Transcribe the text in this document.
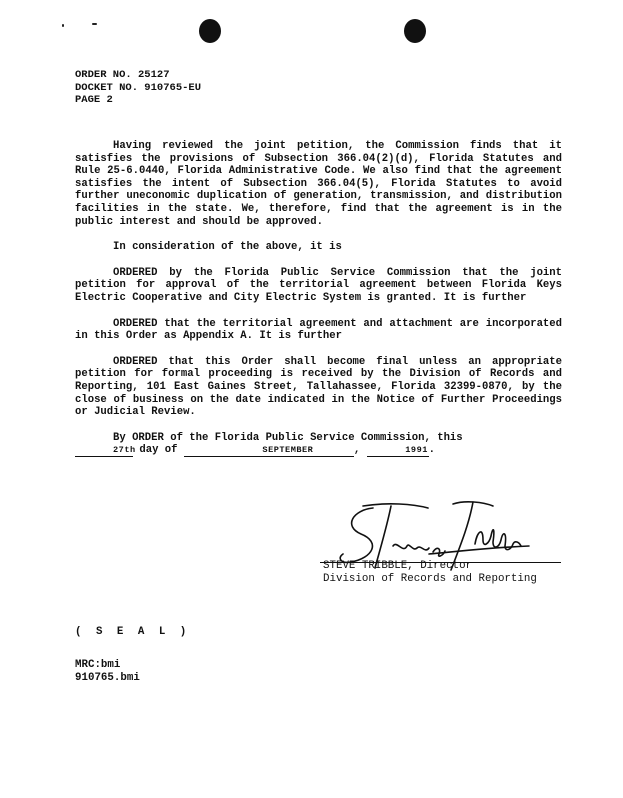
ORDER NO. 25127
DOCKET NO. 910765-EU
PAGE 2

Having reviewed the joint petition, the Commission finds that it satisfies the provisions of Subsection 366.04(2)(d), Florida Statutes and Rule 25-6.0440, Florida Administrative Code. We also find that the agreement satisfies the intent of Subsection 366.04(5), Florida Statutes to avoid further uneconomic duplication of generation, transmission, and distribution facilities in the state. We, therefore, find that the agreement is in the public interest and should be approved.

In consideration of the above, it is

ORDERED by the Florida Public Service Commission that the joint petition for approval of the territorial agreement between Florida Keys Electric Cooperative and City Electric System is granted. It is further

ORDERED that the territorial agreement and attachment are incorporated in this Order as Appendix A. It is further

ORDERED that this Order shall become final unless an appropriate petition for formal proceeding is received by the Division of Records and Reporting, 101 East Gaines Street, Tallahassee, Florida 32399-0870, by the close of business on the date indicated in the Notice of Further Proceedings or Judicial Review.

By ORDER of the Florida Public Service Commission, this
27th day of	SEPTEMBER	,	1991.

STEVE TRIBBLE, Director
Division of Records and Reporting
( S E A L )
MRC:bmi
910765.bmi
